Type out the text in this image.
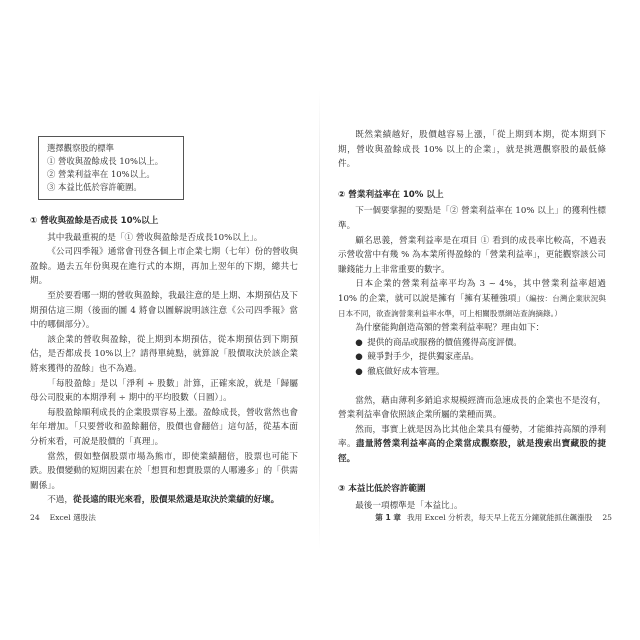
選擇觀察股的標準
① 營收與盈餘成長 10%以上。
② 營業利益率在 10%以上。
③ 本益比低於容許範圍。
① 營收與盈餘是否成長 10%以上

其中我最重視的是「① 營收與盈餘是否成長10%以上」。

《公司四季報》通常會刊登各個上市企業七期（七年）份的營收與盈餘。過去五年份與現在進行式的本期，再加上翌年的下期，總共七期。

至於要看哪一期的營收與盈餘，我最注意的是上期、本期預估及下期預估這三期（後面的圖 4 將會以圖解說明該注意《公司四季報》當中的哪個部分）。

該企業的營收與盈餘，從上期到本期預估，從本期預估到下期預估，是否都成長 10%以上？請得單純點，就算說「股價取決於該企業將來獲得的盈餘」也不為過。

「每股盈餘」是以「淨利 ÷ 股數」計算，正確來說，就是「歸屬母公司股東的本期淨利 ÷ 期中的平均股數（日圓）」。

每股盈餘順利成長的企業股票容易上漲。盈餘成長，營收當然也會年年增加。「只要營收和盈餘翻倍，股價也會翻倍」這句話，從基本面分析來看，可說是股價的「真理」。

當然，假如整個股票市場為熊市，即使業績翻倍，股票也可能下跌。股價變動的短期因素在於「想買和想賣股票的人哪邊多」的「供需關係」。

不過，從長遠的眼光來看，股價果然還是取決於業績的好壞。

24 Excel 選股法

既然業績越好，股價越容易上漲，「從上期到本期，從本期到下期，營收與盈餘成長 10% 以上的企業」，就是挑選觀察股的最低條件。

② 營業利益率在 10% 以上

下一個要掌握的要點是「② 營業利益率在 10% 以上」的獲利性標準。

顧名思義，營業利益率是在項目 ① 看到的成長率比較高，不過表示營收當中有幾 % 為本業所得盈餘的「營業利益率」，更能觀察該公司賺錢能力上非常重要的數字。

日本企業的營業利益率平均為 3 ~ 4%，其中營業利益率超過 10% 的企業，就可以說是擁有「擁有某種強項」（編按：台灣企業狀況與日本不同，欲查詢營業利益率水準，可上相關股票網站查詢摘錄。）

為什麼能夠創造高額的營業利益率呢？理由如下：

● 提供的商品或服務的價值獲得高度評價。
● 競爭對手少，提供獨家產品。
● 徹底做好成本管理。

當然，藉由薄利多銷追求規模經濟而急速成長的企業也不是沒有，營業利益率會依照該企業所屬的業種而異。

然而，事實上就是因為比其他企業具有優勢，才能維持高額的淨利率。盡量將營業利益率高的企業當成觀察股，就是搜索出寶藏股的捷徑。

③ 本益比低於容許範圍

最後一項標準是「本益比」。

第 1 章 我用 Excel 分析表，每天早上花五分鐘就能抓住飆漲股 25
